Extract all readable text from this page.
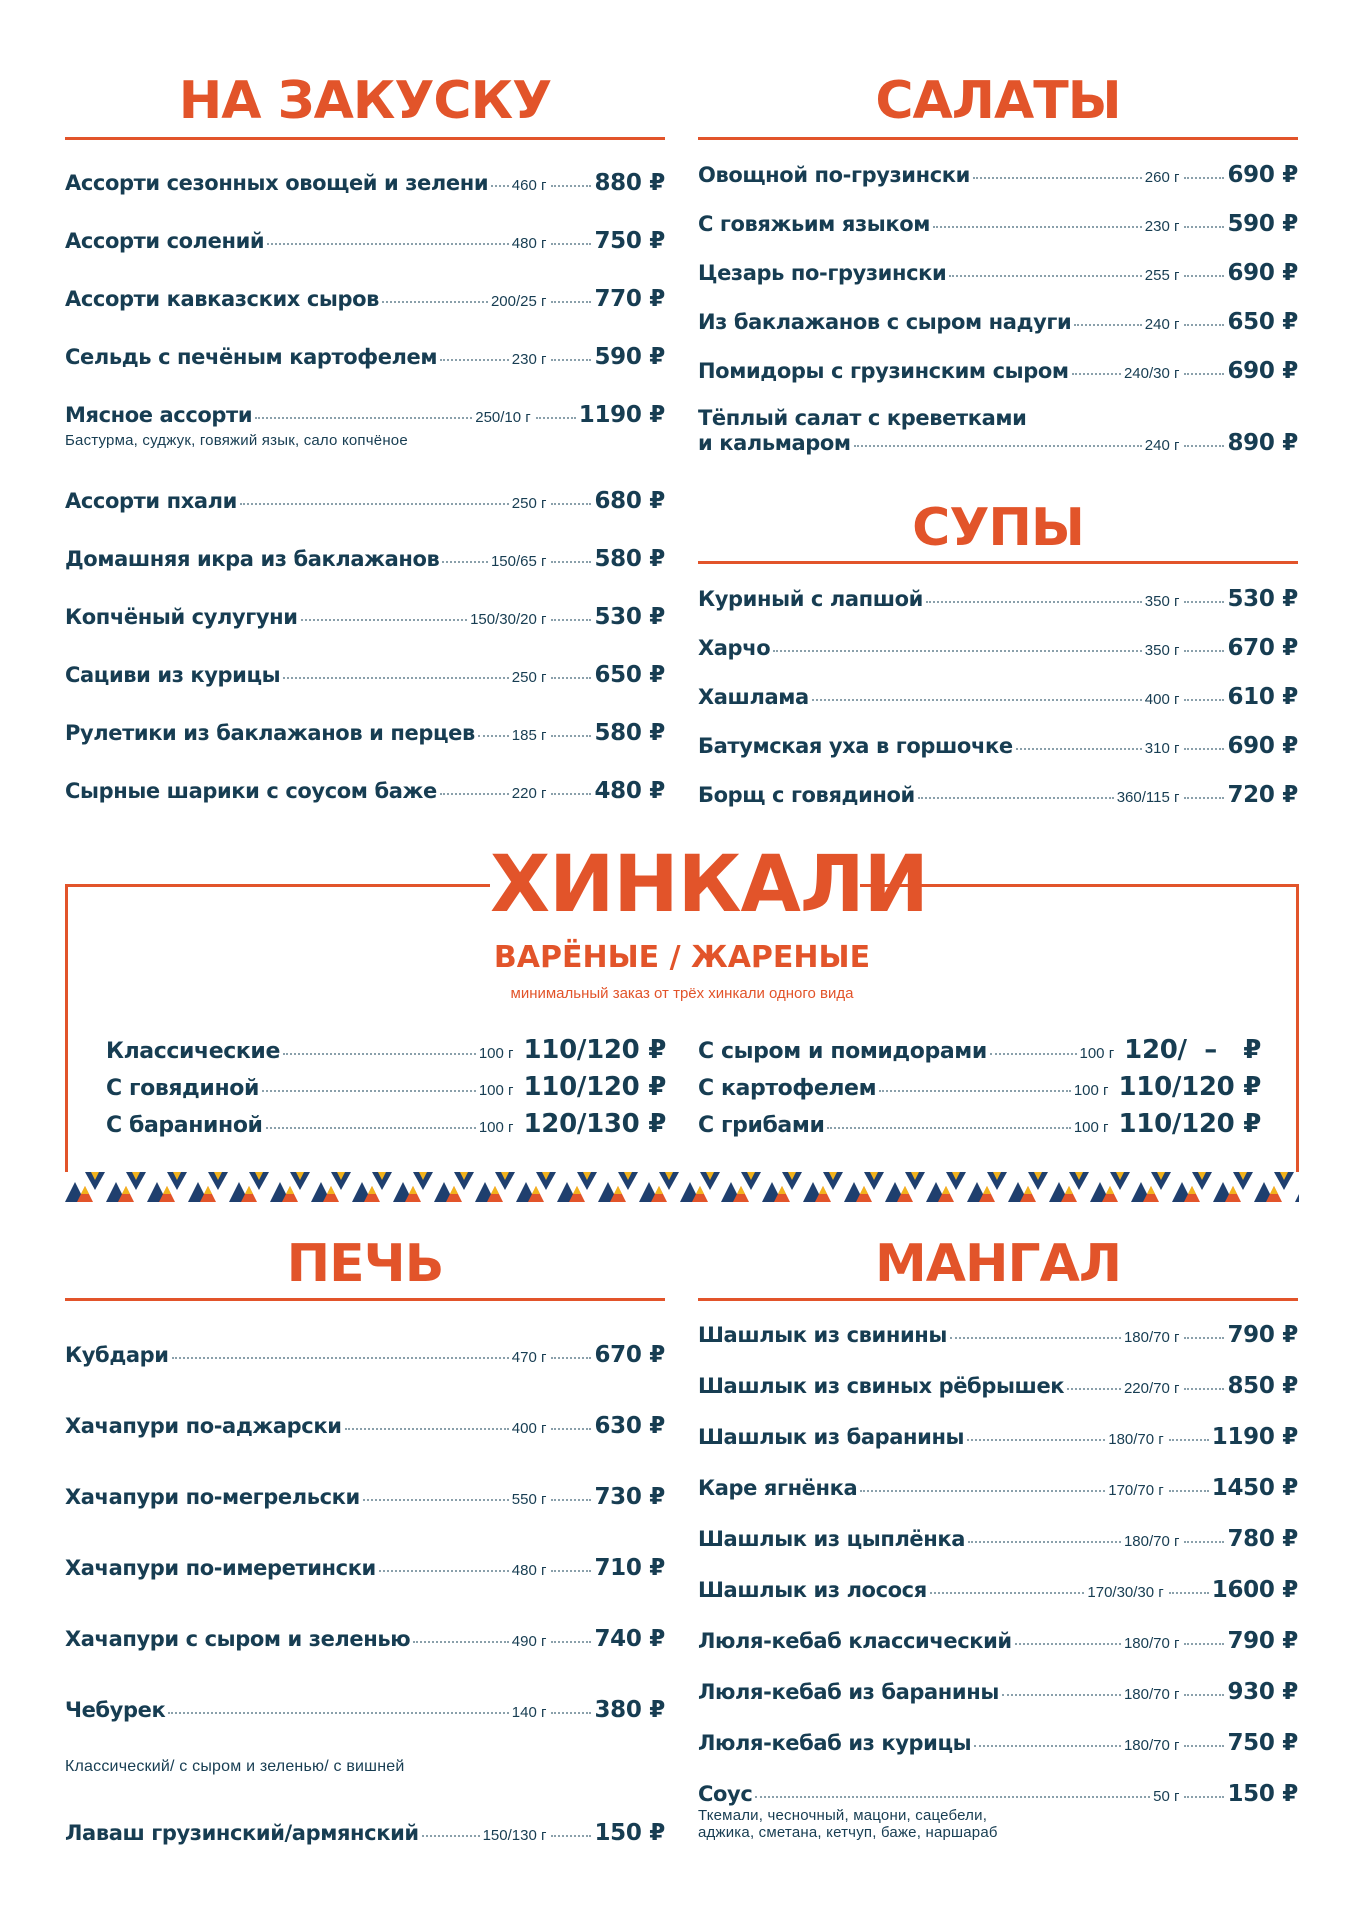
НА ЗАКУСКУ
Ассорти сезонных овощей и зелени 460 г 880 ₽
Ассорти солений	480 г 750 ₽
Ассорти кавказских сыров	200/25 г 770 ₽
Сельдь с печёным картофелем	230 г 590 ₽
Мясное ассорти	250/10 г 1190 ₽
Бастурма, суджук, говяжий язык, сало копчёное
Ассорти пхали	250 г 680 ₽
Домашняя икра из баклажанов	150/65 г 580 ₽
Копчёный сулугуни	150/30/20 г 530 ₽
Сациви из курицы	250 г 650 ₽
Рулетики из баклажанов и перцев 185 г 580 ₽
Сырные шарики с соусом баже	220 г 480 ₽
САЛАТЫ
Овощной по-грузински	260 г 690 ₽
С говяжьим языком	230 г 590 ₽
Цезарь по-грузински	255 г 690 ₽
Из баклажанов с сыром надуги	240 г 650 ₽
Помидоры с грузинским сыром	240/30 г 690 ₽
Тёплый салат с креветками
и кальмаром	240 г 890 ₽
СУПЫ
Куриный с лапшой	350 г 530 ₽
Харчо	350 г 670 ₽
Хашлама	400 г 610 ₽
Батумская уха в горшочке	310 г 690 ₽
Борщ с говядиной	360/115 г 720 ₽
ХИНКАЛИ
ВАРЁНЫЕ / ЖАРЕНЫЕ
минимальный заказ от трёх хинкали одного вида
Классические	100 г 110/120 ₽
С говядиной	100 г 110/120 ₽
С бараниной	100 г 120/130 ₽
С сыром и помидорами	100 г 120/  –   ₽
С картофелем	100 г 110/120 ₽
С грибами	100 г 110/120 ₽
ПЕЧЬ
Кубдари	470 г 670 ₽
Хачапури по-аджарски	400 г 630 ₽
Хачапури по-мегрельски	550 г 730 ₽
Хачапури по-имеретински	480 г 710 ₽
Хачапури с сыром и зеленью	490 г 740 ₽
Чебурек	140 г 380 ₽
Классический/ с сыром и зеленью/ с вишней
Лаваш грузинский/армянский	150/130 г 150 ₽
МАНГАЛ
Шашлык из свинины	180/70 г 790 ₽
Шашлык из свиных рёбрышек	220/70 г 850 ₽
Шашлык из баранины	180/70 г 1190 ₽
Каре ягнёнка	170/70 г 1450 ₽
Шашлык из цыплёнка	180/70 г 780 ₽
Шашлык из лосося	170/30/30 г 1600 ₽
Люля-кебаб классический	180/70 г 790 ₽
Люля-кебаб из баранины	180/70 г 930 ₽
Люля-кебаб из курицы	180/70 г 750 ₽
Соус	50 г 150 ₽
Ткемали, чесночный, мацони, сацебели,
аджика, сметана, кетчуп, баже, наршараб
